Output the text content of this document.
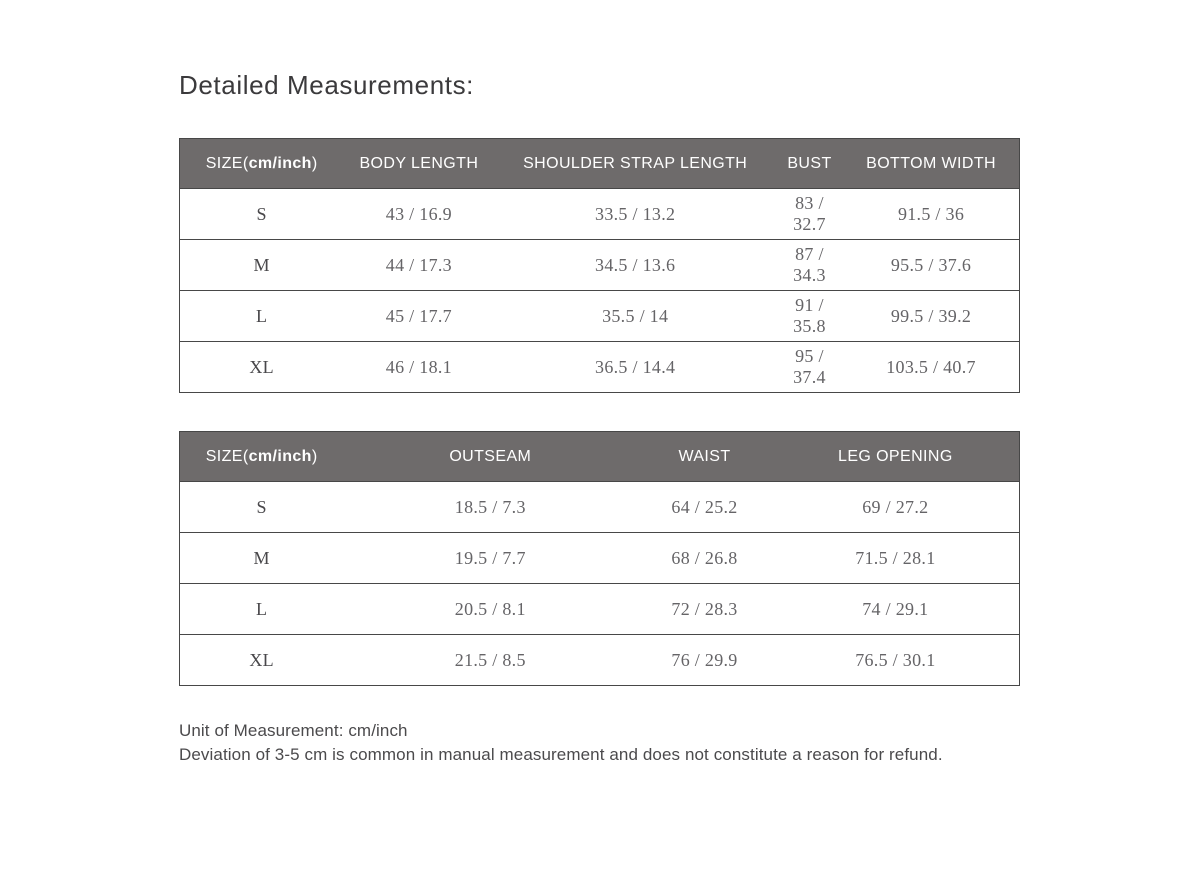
Detailed Measurements:
SIZE(cm/inch)	BODY LENGTH	SHOULDER STRAP LENGTH	BUST	BOTTOM WIDTH
S	43 / 16.9	33.5 / 13.2	83 / 32.7	91.5 / 36
M	44 / 17.3	34.5 / 13.6	87 / 34.3	95.5 / 37.6
L	45 / 17.7	35.5 / 14	91 / 35.8	99.5 / 39.2
XL	46 / 18.1	36.5 / 14.4	95 / 37.4	103.5 / 40.7
SIZE(cm/inch)	OUTSEAM	WAIST	LEG OPENING
S	18.5 / 7.3	64 / 25.2	69 / 27.2
M	19.5 / 7.7	68 / 26.8	71.5 / 28.1
L	20.5 / 8.1	72 / 28.3	74 / 29.1
XL	21.5 / 8.5	76 / 29.9	76.5 / 30.1
Unit of Measurement: cm/inch
Deviation of 3-5 cm is common in manual measurement and does not constitute a reason for refund.
